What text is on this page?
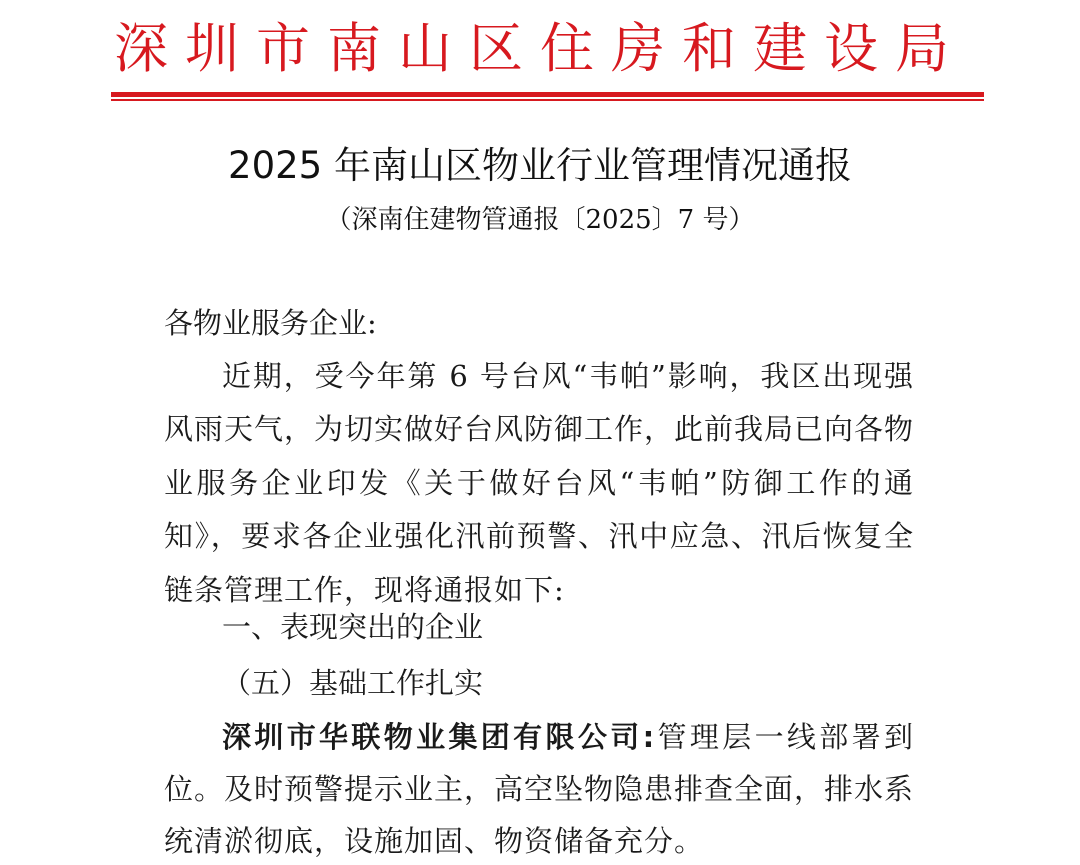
深圳市南山区住房和建设局
2025 年南山区物业行业管理情况通报
（深南住建物管通报〔2025〕7 号）
各物业服务企业:
近期，受今年第 6 号台风“韦帕”影响，我区出现强风雨天气，为切实做好台风防御工作，此前我局已向各物业服务企业印发《关于做好台风“韦帕”防御工作的通知》，要求各企业强化汛前预警、汛中应急、汛后恢复全链条管理工作，现将通报如下:
一、表现突出的企业
（五）基础工作扎实
深圳市华联物业集团有限公司:管理层一线部署到位。及时预警提示业主，高空坠物隐患排查全面，排水系统清淤彻底，设施加固、物资储备充分。
